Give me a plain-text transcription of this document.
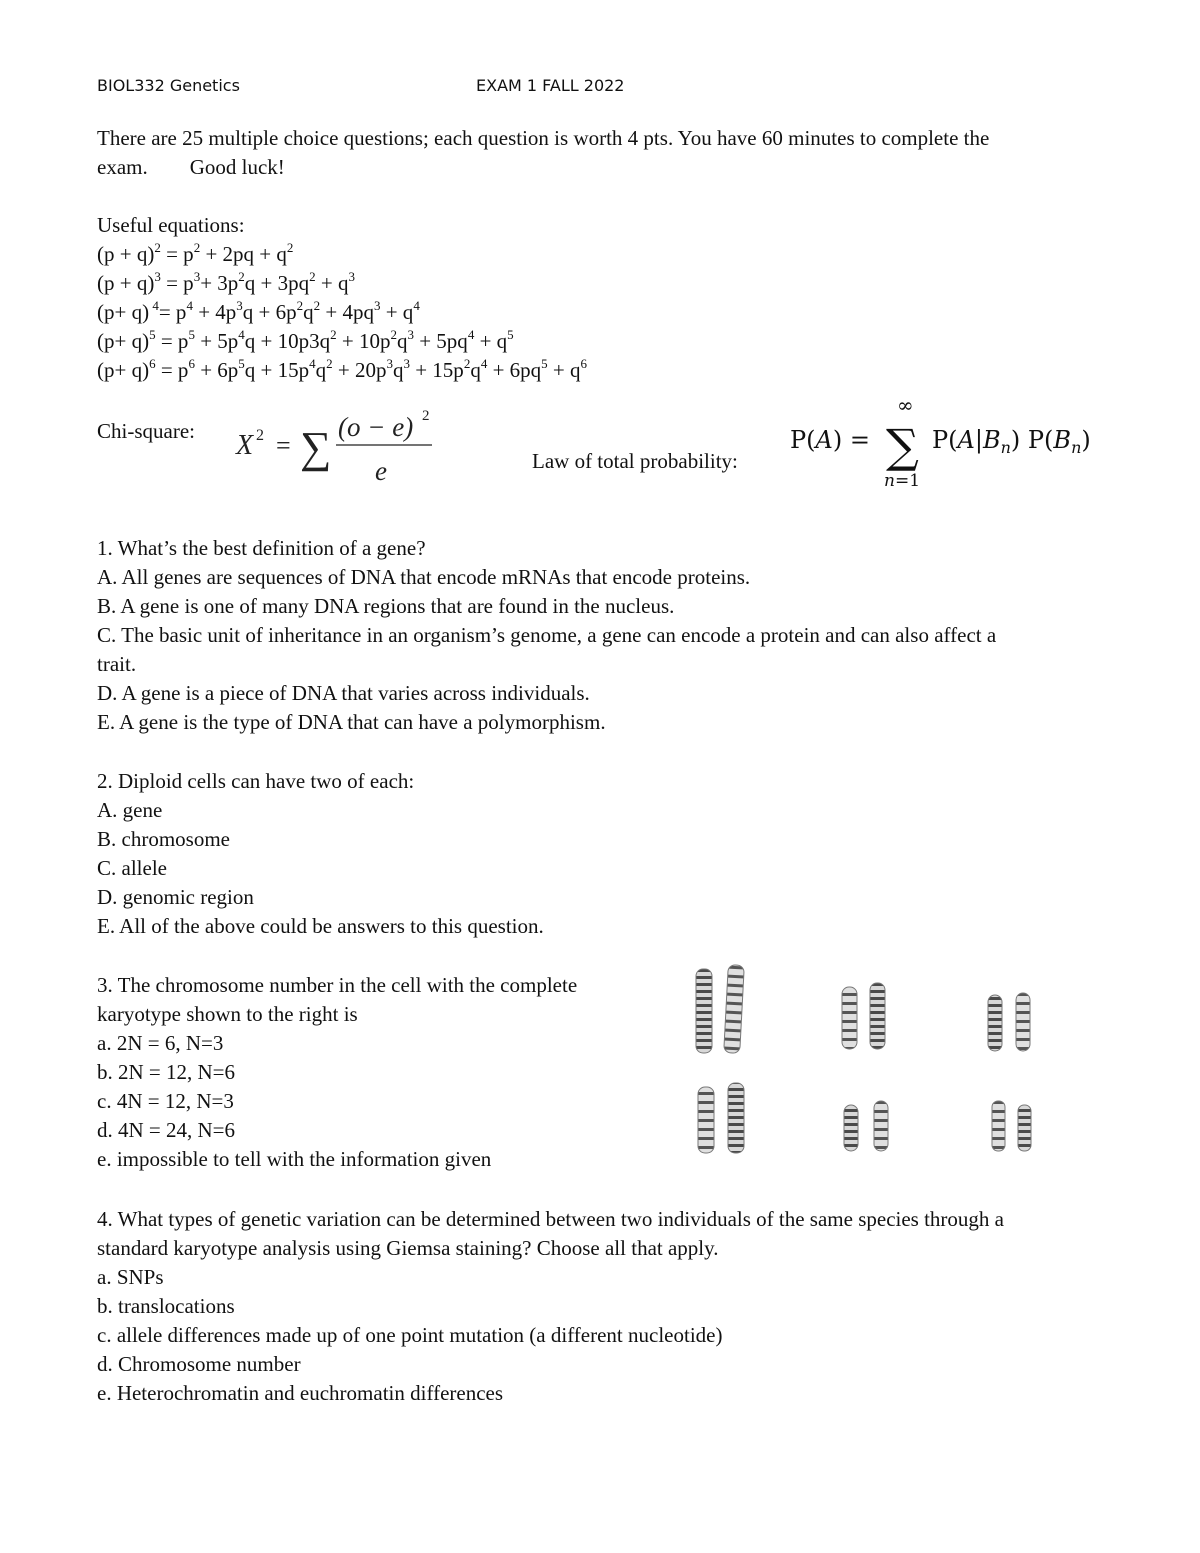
BIOL332 Genetics	EXAM 1 FALL 2022
There are 25 multiple choice questions; each question is worth 4 pts. You have 60 minutes to complete the
exam. Good luck!
Useful equations:
$(p + q)^2 = p^2 + 2pq + q^2$
$(p + q)^3 = p^3+ 3p^2q + 3pq^2 + q^3$
(p+ q) $^4= p^4 + 4p^3q + 6p^2q^2 + 4pq^3 + q^4$
$(p+ q)^5 = p^5 + 5p^4q + 10p3q^2 + 10p^2q^3 + 5pq^4 + q^5$
$(p+ q)^6 = p^6 + 6p^5q + 15p^4q^2 + 20p^3q^3 + 15p^2q^4 + 6pq^5 + q^6$
Chi-square: X 2 = ∑ (o − e) 2
e	Law of total probability:
P(A) =
∞
∑
n=1
$P(A|B_n)$ $P(B_n)$
1. What’s the best definition of a gene?
A. All genes are sequences of DNA that encode mRNAs that encode proteins.
B. A gene is one of many DNA regions that are found in the nucleus.
C. The basic unit of inheritance in an organism’s genome, a gene can encode a protein and can also affect a
trait.
D. A gene is a piece of DNA that varies across individuals.
E. A gene is the type of DNA that can have a polymorphism.
2. Diploid cells can have two of each:
A. gene
B. chromosome
C. allele
D. genomic region
E. All of the above could be answers to this question.
3. The chromosome number in the cell with the complete
karyotype shown to the right is
a. 2N = 6, N=3
b. 2N = 12, N=6
c. 4N = 12, N=3
d. 4N = 24, N=6
e. impossible to tell with the information given
4. What types of genetic variation can be determined between two individuals of the same species through a
standard karyotype analysis using Giemsa staining? Choose all that apply.
a. SNPs
b. translocations
c. allele differences made up of one point mutation (a different nucleotide)
d. Chromosome number
e. Heterochromatin and euchromatin differences
